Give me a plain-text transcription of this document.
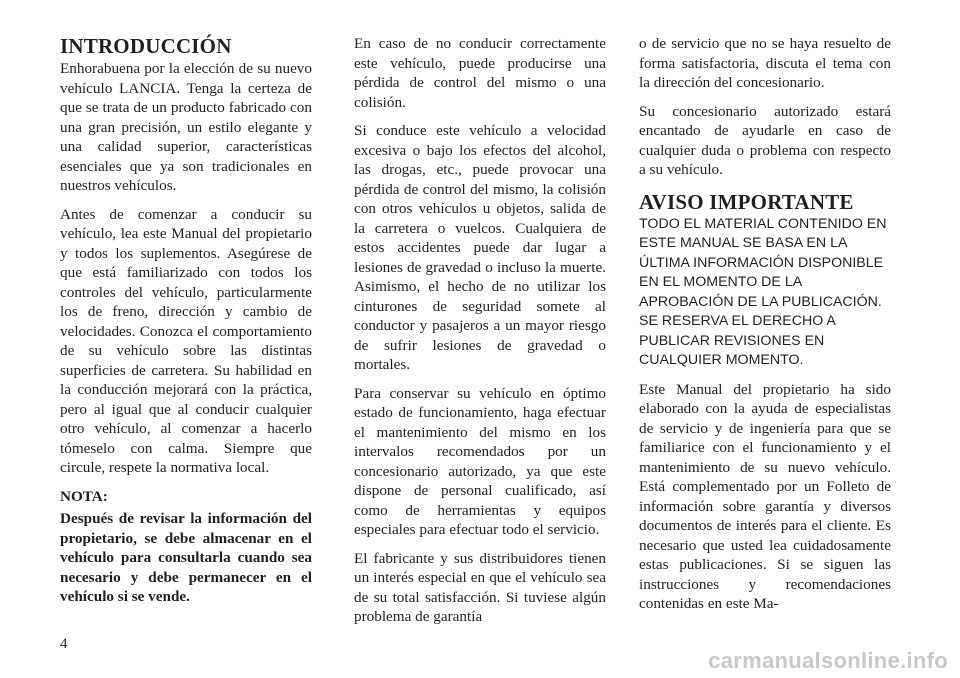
INTRODUCCIÓN

Enhorabuena por la elección de su nuevo vehículo LANCIA. Tenga la certeza de que se trata de un producto fabricado con una gran precisión, un estilo elegante y una calidad superior, características esenciales que ya son tradicionales en nuestros vehículos.

Antes de comenzar a conducir su vehículo, lea este Manual del propietario y todos los suplementos. Asegúrese de que está familiarizado con todos los controles del vehículo, particularmente los de freno, dirección y cambio de velocidades. Conozca el comportamiento de su vehículo sobre las distintas superficies de carretera. Su habilidad en la conducción mejorará con la práctica, pero al igual que al conducir cualquier otro vehículo, al comenzar a hacerlo tómeselo con calma. Siempre que circule, respete la normativa local.

NOTA:

Después de revisar la información del propietario, se debe almacenar en el vehículo para consultarla cuando sea necesario y debe permanecer en el vehículo si se vende.

En caso de no conducir correctamente este vehículo, puede producirse una pérdida de control del mismo o una colisión.

Si conduce este vehículo a velocidad excesiva o bajo los efectos del alcohol, las drogas, etc., puede provocar una pérdida de control del mismo, la colisión con otros vehículos u objetos, salida de la carretera o vuelcos. Cualquiera de estos accidentes puede dar lugar a lesiones de gravedad o incluso la muerte. Asimismo, el hecho de no utilizar los cinturones de seguridad somete al conductor y pasajeros a un mayor riesgo de sufrir lesiones de gravedad o mortales.

Para conservar su vehículo en óptimo estado de funcionamiento, haga efectuar el mantenimiento del mismo en los intervalos recomendados por un concesionario autorizado, ya que este dispone de personal cualificado, así como de herramientas y equipos especiales para efectuar todo el servicio.

El fabricante y sus distribuidores tienen un interés especial en que el vehículo sea de su total satisfacción. Si tuviese algún problema de garantía

o de servicio que no se haya resuelto de forma satisfactoria, discuta el tema con la dirección del concesionario.

Su concesionario autorizado estará encantado de ayudarle en caso de cualquier duda o problema con respecto a su vehículo.

AVISO IMPORTANTE

TODO EL MATERIAL CONTENIDO EN ESTE MANUAL SE BASA EN LA ÚLTIMA INFORMACIÓN DISPONIBLE EN EL MOMENTO DE LA APROBACIÓN DE LA PUBLICACIÓN. SE RESERVA EL DERECHO A PUBLICAR REVISIONES EN CUALQUIER MOMENTO.

Este Manual del propietario ha sido elaborado con la ayuda de especialistas de servicio y de ingeniería para que se familiarice con el funcionamiento y el mantenimiento de su nuevo vehículo. Está complementado por un Folleto de información sobre garantía y diversos documentos de interés para el cliente. Es necesario que usted lea cuidadosamente estas publicaciones. Si se siguen las instrucciones y recomendaciones contenidas en este Ma-

4
carmanualsonline.info
